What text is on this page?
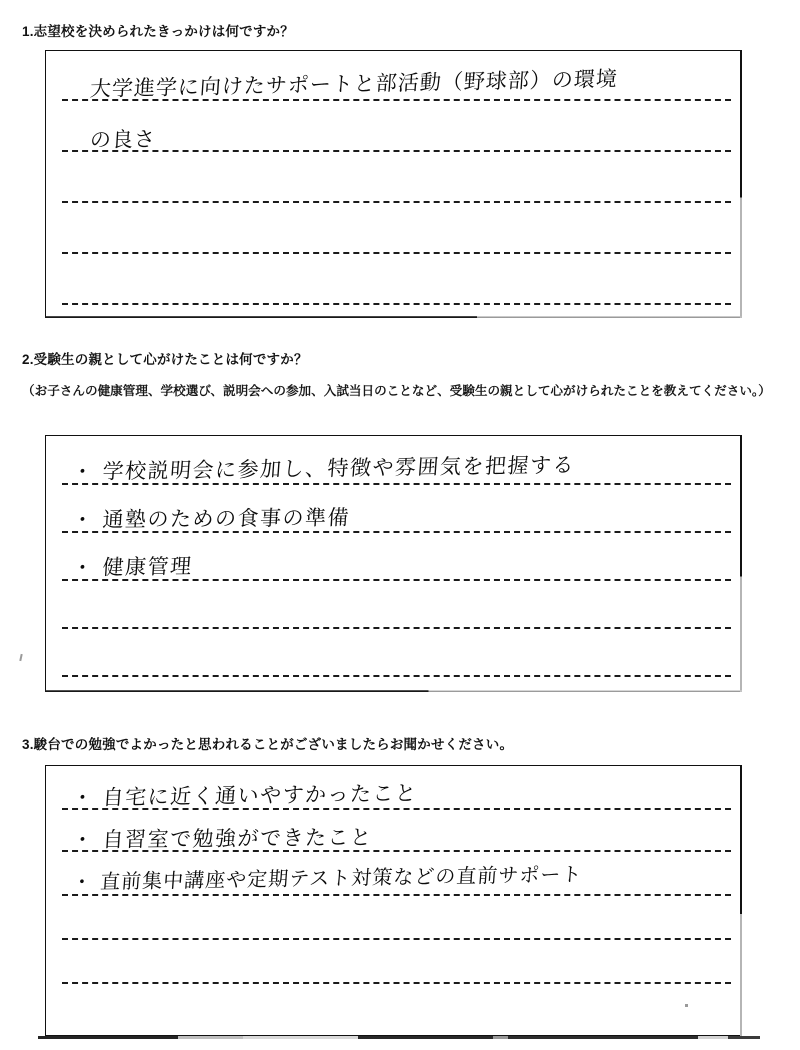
1.志望校を決められたきっかけは何ですか？
大学進学に向けたサポートと部活動（野球部）の環境
の良さ
2.受験生の親として心がけたことは何ですか？
（お子さんの健康管理、学校選び、説明会への参加、入試当日のことなど、受験生の親として心がけられたことを教えてください。）
・ 学校説明会に参加し、特徴や雰囲気を把握する
・ 通塾のための食事の準備
・ 健康管理
3.駿台での勉強でよかったと思われることがございましたらお聞かせください。
・ 自宅に近く通いやすかったこと
・ 自習室で勉強ができたこと
・ 直前集中講座や定期テスト対策などの直前サポート
